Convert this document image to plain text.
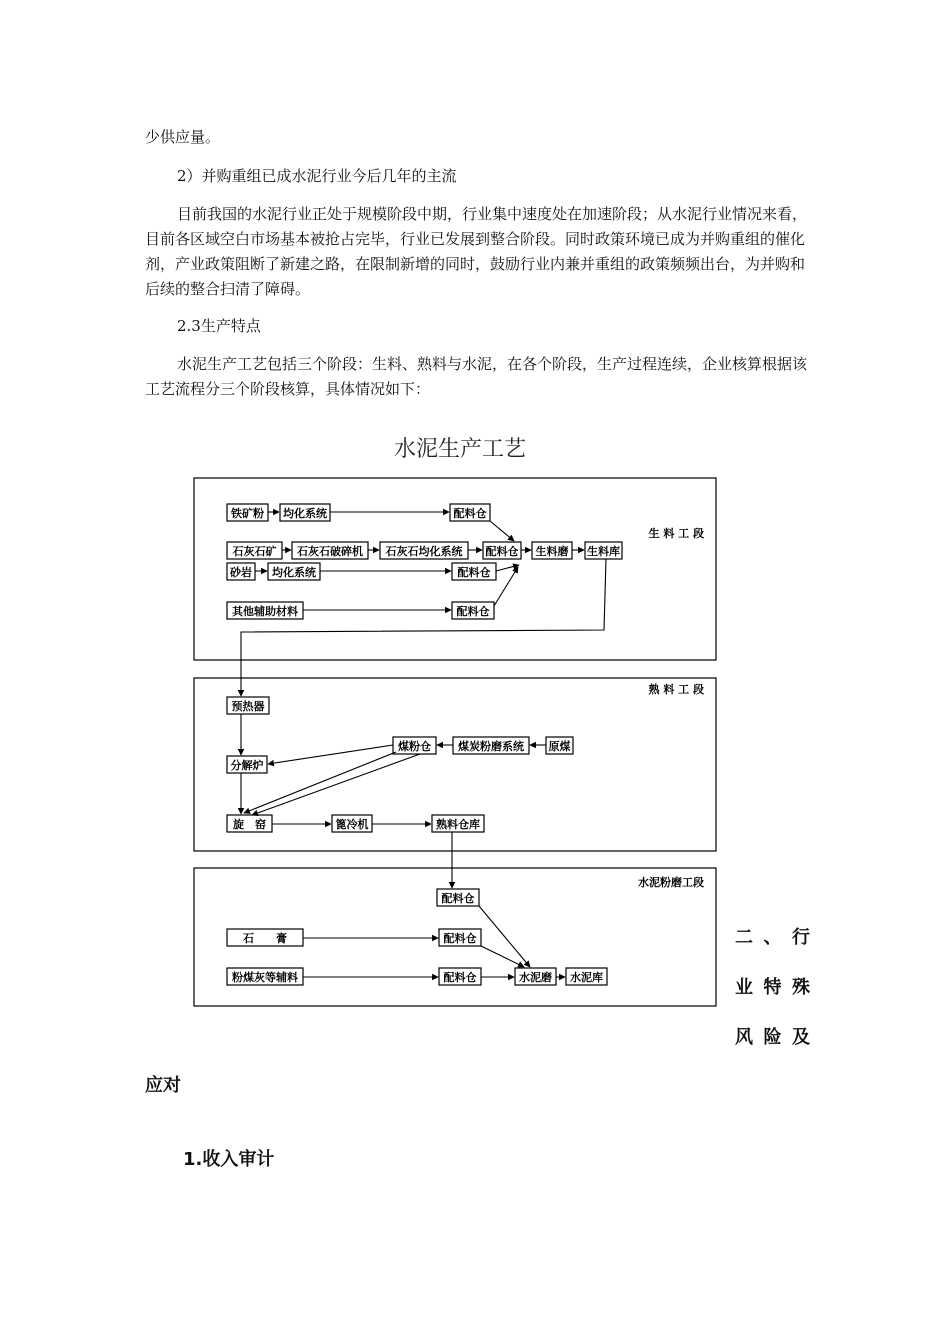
少供应量。

2）并购重组已成水泥行业今后几年的主流

目前我国的水泥行业正处于规模阶段中期，行业集中速度处在加速阶段；从水泥行业情况来看，目前各区域空白市场基本被抢占完毕，行业已发展到整合阶段。同时政策环境已成为并购重组的催化剂，产业政策阻断了新建之路，在限制新增的同时，鼓励行业内兼并重组的政策频频出台，为并购和后续的整合扫清了障碍。

2.3生产特点

水泥生产工艺包括三个阶段：生料、熟料与水泥，在各个阶段，生产过程连续，企业核算根据该工艺流程分三个阶段核算，具体情况如下：

水泥生产工艺
生 料 工 段
熟 料 工 段
水泥粉磨工段
铁矿粉 均化系统	配料仓
石灰石矿 石灰石破碎机 石灰石均化系统 配料仓 生料磨 生料库
砂岩 均化系统	配料仓
其他辅助材料	配料仓
预热器
分解炉
旋　窑	篦冷机	熟料仓库
煤粉仓 煤炭粉磨系统 原煤
配料仓
石　　膏	配料仓
粉煤灰等辅料	配料仓	水泥磨 水泥库
二、行
业特殊
风险及
应对
1.收入审计
